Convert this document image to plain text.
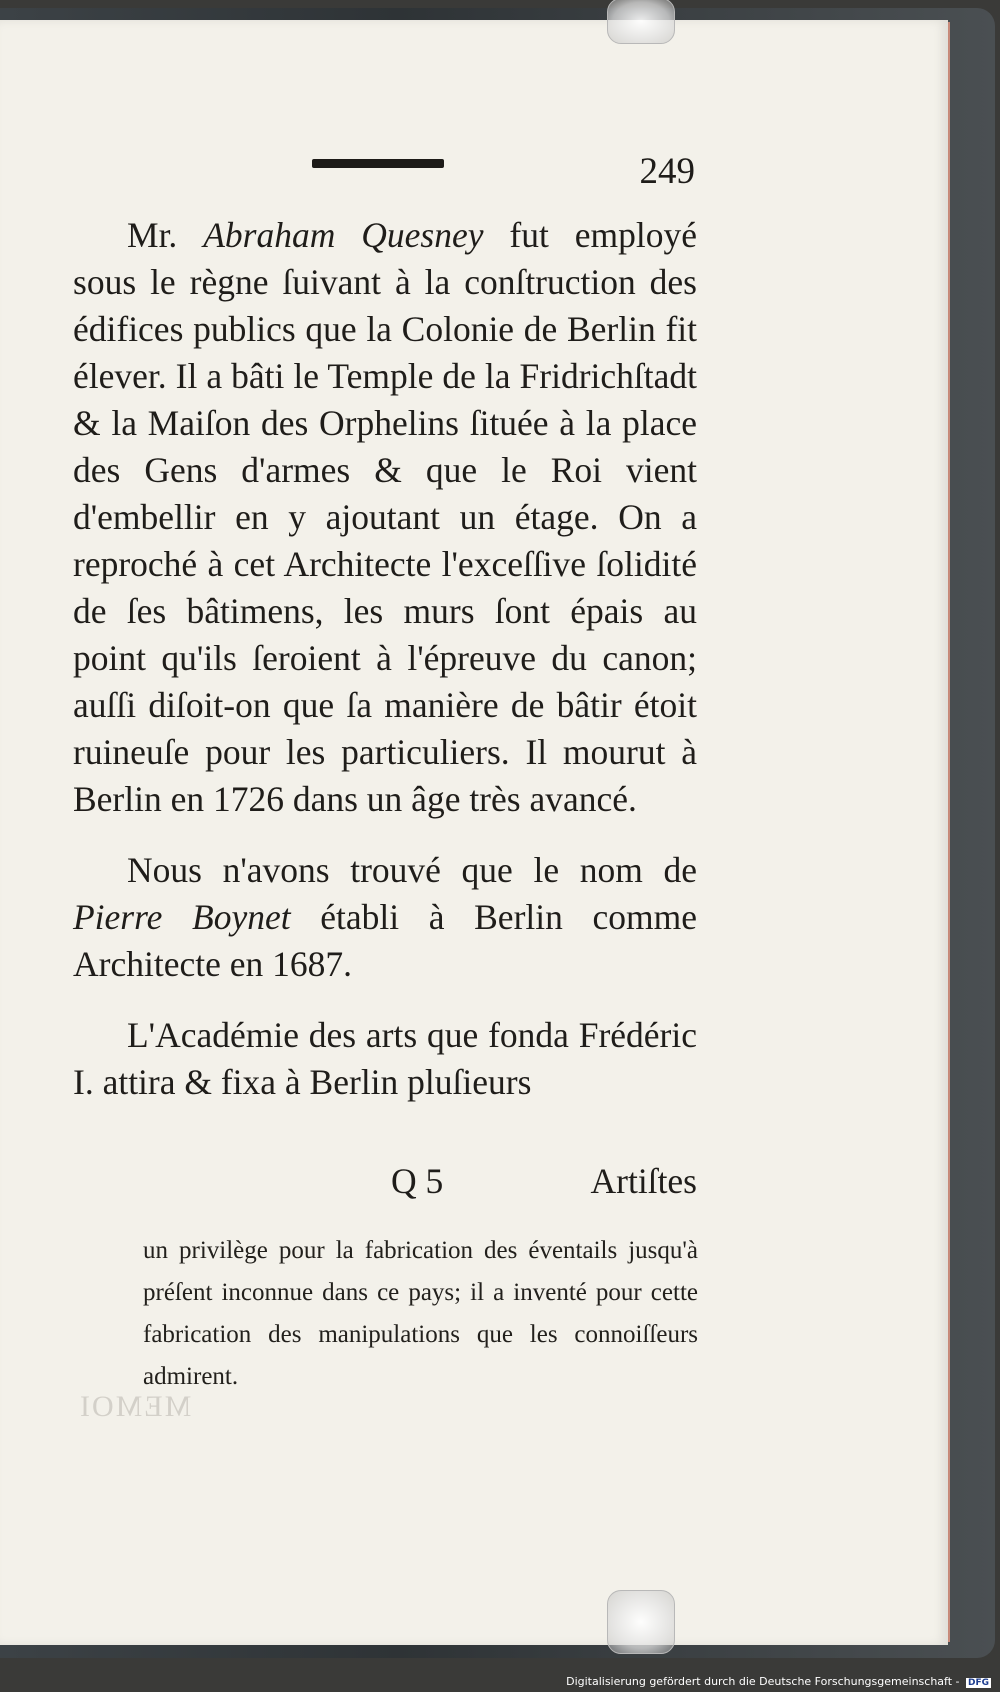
249

Mr. Abraham Quesney fut employé sous le règne ſuivant à la conſtruction des édifices publics que la Colonie de Berlin fit élever. Il a bâti le Temple de la Fridrichſtadt & la Maiſon des Orphelins ſituée à la place des Gens d'armes & que le Roi vient d'embellir en y ajoutant un étage. On a reproché à cet Architecte l'exceſſive ſolidité de ſes bâtimens, les murs ſont épais au point qu'ils ſeroient à l'épreuve du canon; auſſi diſoit-on que ſa manière de bâtir étoit ruineuſe pour les particuliers. Il mourut à Berlin en 1726 dans un âge très avancé.

Nous n'avons trouvé que le nom de Pierre Boynet établi à Berlin comme Architecte en 1687.

L'Académie des arts que fonda Frédéric I. attira & fixa à Berlin pluſieurs

Q 5	Artiſtes

un privilège pour la fabrication des éventails jusqu'à préſent inconnue dans ce pays; il a inventé pour cette fabrication des manipulations que les connoiſſeurs admirent.

MEMOI
Digitalisierung gefördert durch die Deutsche Forschungsgemeinschaft - DFG
